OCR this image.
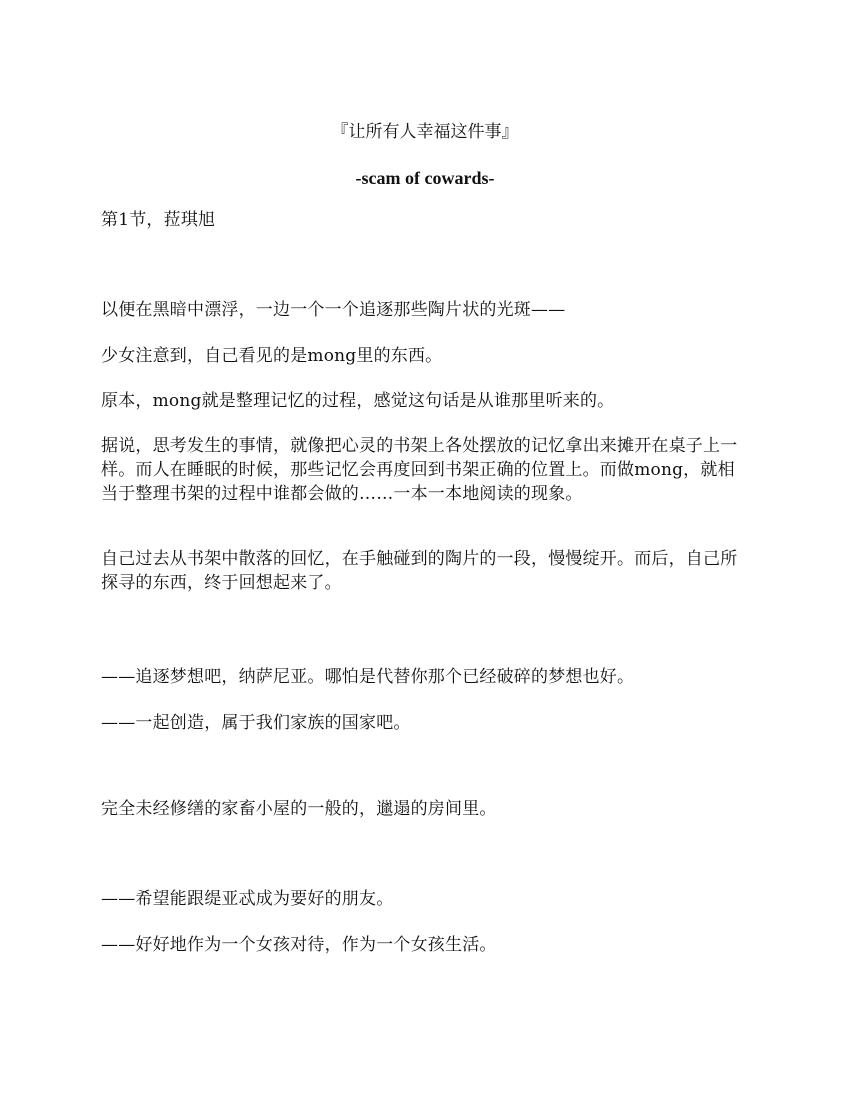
『让所有人幸福这件事』
-scam of cowards-

第1节，菈琪旭

以便在黑暗中漂浮，一边一个一个追逐那些陶片状的光斑——

少女注意到，自己看见的是mong里的东西。

原本，mong就是整理记忆的过程，感觉这句话是从谁那里听来的。

据说，思考发生的事情，就像把心灵的书架上各处摆放的记忆拿出来摊开在桌子上一样。而人在睡眠的时候，那些记忆会再度回到书架正确的位置上。而做mong，就相当于整理书架的过程中谁都会做的……一本一本地阅读的现象。

自己过去从书架中散落的回忆，在手触碰到的陶片的一段，慢慢绽开。而后，自己所探寻的东西，终于回想起来了。

——追逐梦想吧，纳萨尼亚。哪怕是代替你那个已经破碎的梦想也好。

——一起创造，属于我们家族的国家吧。

完全未经修缮的家畜小屋的一般的，邋遢的房间里。

——希望能跟缇亚忒成为要好的朋友。

——好好地作为一个女孩对待，作为一个女孩生活。
